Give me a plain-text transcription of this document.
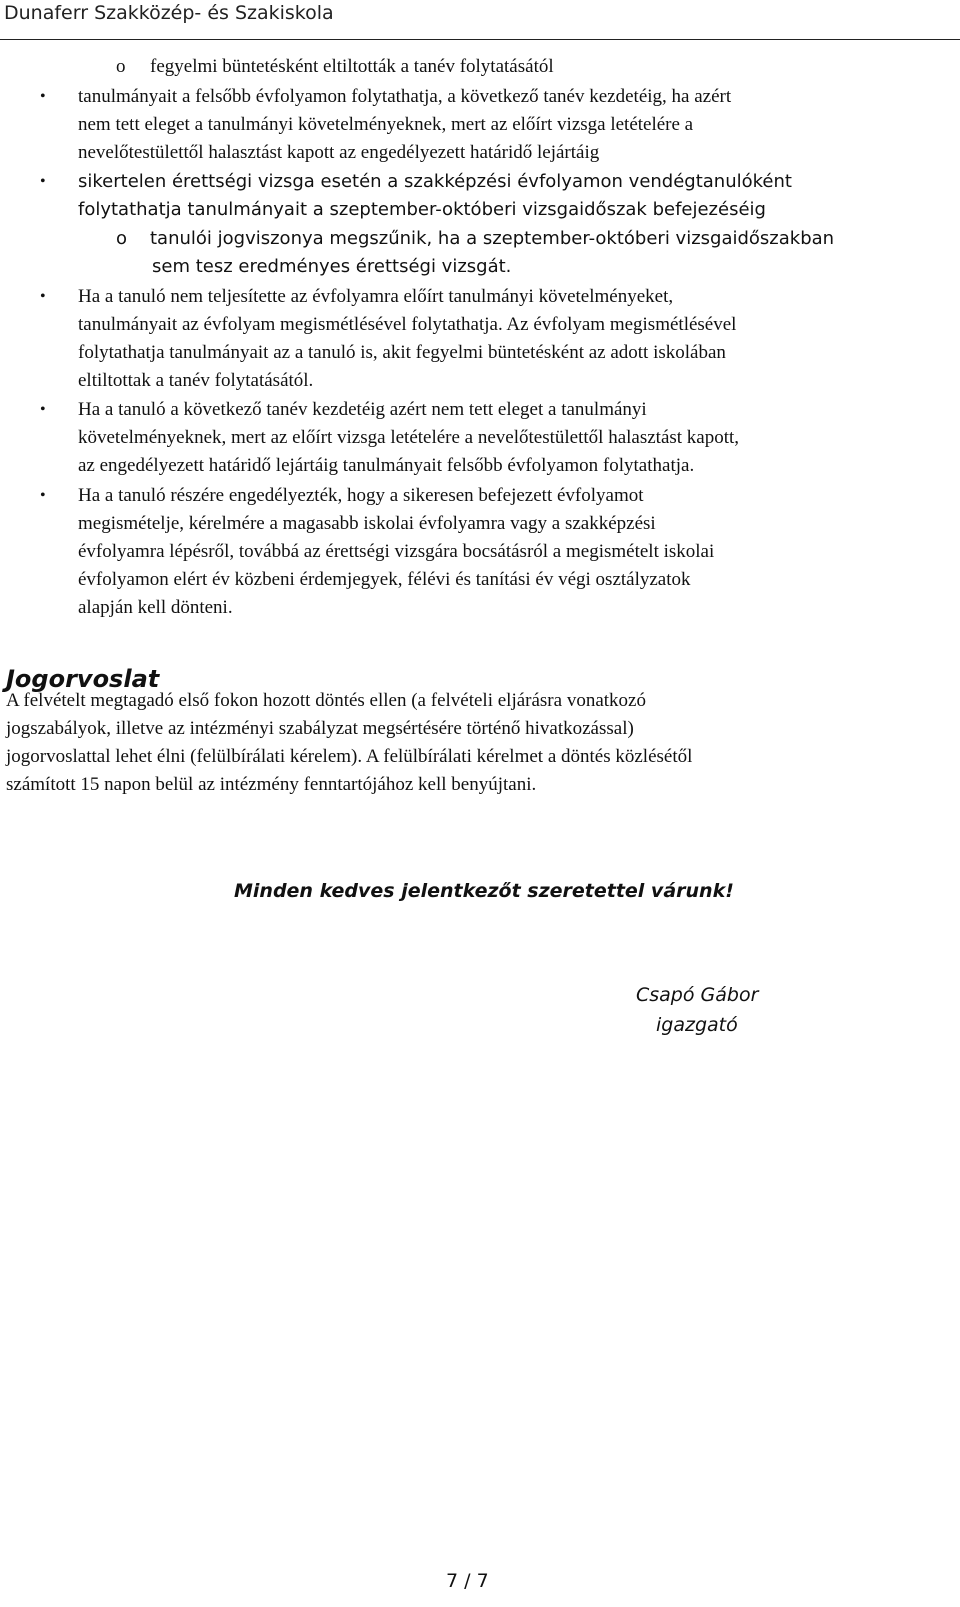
Dunaferr Szakközép- és Szakiskola
o fegyelmi büntetésként eltiltották a tanév folytatásától
• tanulmányait a felsőbb évfolyamon folytathatja, a következő tanév kezdetéig, ha azért
nem tett eleget a tanulmányi követelményeknek, mert az előírt vizsga letételére a
nevelőtestülettől halasztást kapott az engedélyezett határidő lejártáig
• sikertelen érettségi vizsga esetén a szakképzési évfolyamon vendégtanulóként
folytathatja tanulmányait a szeptember-októberi vizsgaidőszak befejezéséig
o tanulói jogviszonya megszűnik, ha a szeptember-októberi vizsgaidőszakban
sem tesz eredményes érettségi vizsgát.
• Ha a tanuló nem teljesítette az évfolyamra előírt tanulmányi követelményeket,
tanulmányait az évfolyam megismétlésével folytathatja. Az évfolyam megismétlésével
folytathatja tanulmányait az a tanuló is, akit fegyelmi büntetésként az adott iskolában
eltiltottak a tanév folytatásától.
• Ha a tanuló a következő tanév kezdetéig azért nem tett eleget a tanulmányi
követelményeknek, mert az előírt vizsga letételére a nevelőtestülettől halasztást kapott,
az engedélyezett határidő lejártáig tanulmányait felsőbb évfolyamon folytathatja.
• Ha a tanuló részére engedélyezték, hogy a sikeresen befejezett évfolyamot
megismételje, kérelmére a magasabb iskolai évfolyamra vagy a szakképzési
évfolyamra lépésről, továbbá az érettségi vizsgára bocsátásról a megismételt iskolai
évfolyamon elért év közbeni érdemjegyek, félévi és tanítási év végi osztályzatok
alapján kell dönteni.
Jogorvoslat
A felvételt megtagadó első fokon hozott döntés ellen (a felvételi eljárásra vonatkozó
jogszabályok, illetve az intézményi szabályzat megsértésére történő hivatkozással)
jogorvoslattal lehet élni (felülbírálati kérelem). A felülbírálati kérelmet a döntés közlésétől
számított 15 napon belül az intézmény fenntartójához kell benyújtani.
Minden kedves jelentkezőt szeretettel várunk!
Csapó Gábor
igazgató
7 / 7
